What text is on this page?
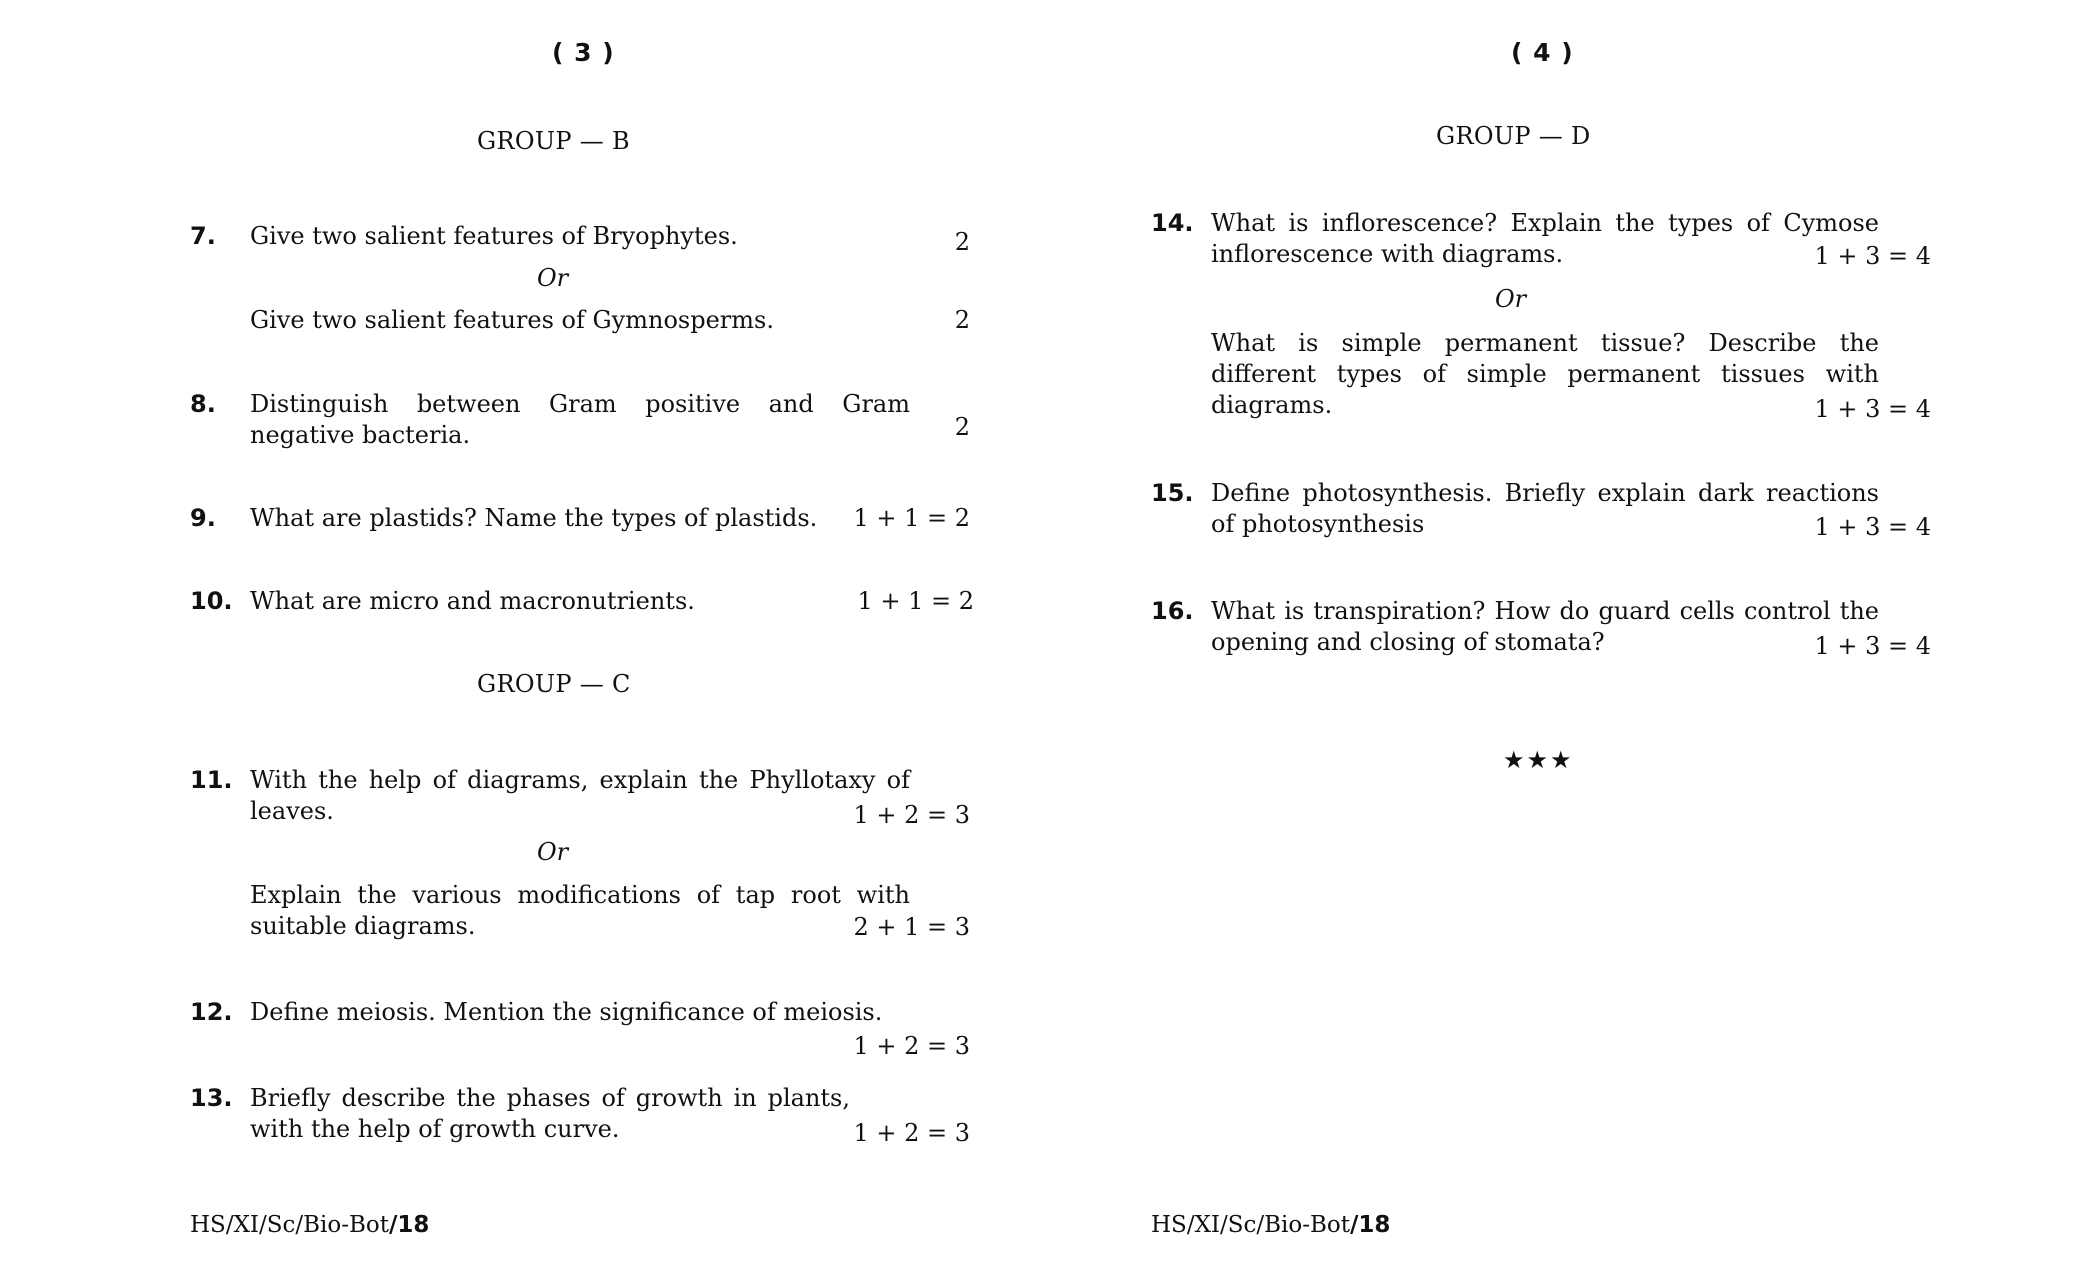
( 3 )
GROUP — B
7. Give two salient features of Bryophytes.	2
Or
Give two salient features of Gymnosperms.	2
8. Distinguish between Gram positive and Gram negative bacteria.	2
9. What are plastids? Name the types of plastids.	1 + 1 = 2
10. What are micro and macronutrients.	1 + 1 = 2
GROUP — C
11. With the help of diagrams, explain the Phyllotaxy of leaves.	1 + 2 = 3
Or
Explain the various modifications of tap root with suitable diagrams.	2 + 1 = 3
12. Define meiosis. Mention the significance of meiosis.
1 + 2 = 3
13. Briefly describe the phases of growth in plants, with the help of growth curve.	1 + 2 = 3
HS/XI/Sc/Bio-Bot/18
( 4 )
GROUP — D
14. What is inflorescence? Explain the types of Cymose inflorescence with diagrams.	1 + 3 = 4
Or
What is simple permanent tissue? Describe the different types of simple permanent tissues with diagrams.	1 + 3 = 4
15. Define photosynthesis. Briefly explain dark reactions of photosynthesis	1 + 3 = 4
16. What is transpiration? How do guard cells control the opening and closing of stomata?	1 + 3 = 4
★★★
HS/XI/Sc/Bio-Bot/18
